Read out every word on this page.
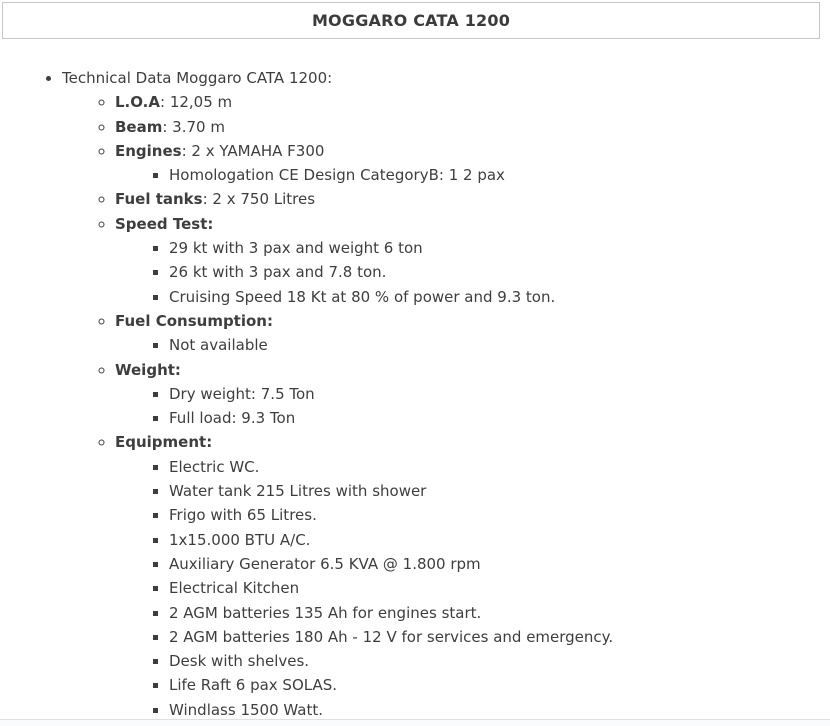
MOGGARO CATA 1200
• Technical Data Moggaro CATA 1200:
◦ L.O.A: 12,05 m
◦ Beam: 3.70 m
◦ Engines: 2 x YAMAHA F300
▪ Homologation CE Design CategoryB: 1 2 pax
◦ Fuel tanks: 2 x 750 Litres
◦ Speed Test:
▪ 29 kt with 3 pax and weight 6 ton
▪ 26 kt with 3 pax and 7.8 ton.
▪ Cruising Speed 18 Kt at 80 % of power and 9.3 ton.
◦ Fuel Consumption:
▪ Not available
◦ Weight:
▪ Dry weight: 7.5 Ton
▪ Full load: 9.3 Ton
◦ Equipment:
▪ Electric WC.
▪ Water tank 215 Litres with shower
▪ Frigo with 65 Litres.
▪ 1x15.000 BTU A/C.
▪ Auxiliary Generator 6.5 KVA @ 1.800 rpm
▪ Electrical Kitchen
▪ 2 AGM batteries 135 Ah for engines start.
▪ 2 AGM batteries 180 Ah - 12 V for services and emergency.
▪ Desk with shelves.
▪ Life Raft 6 pax SOLAS.
▪ Windlass 1500 Watt.
